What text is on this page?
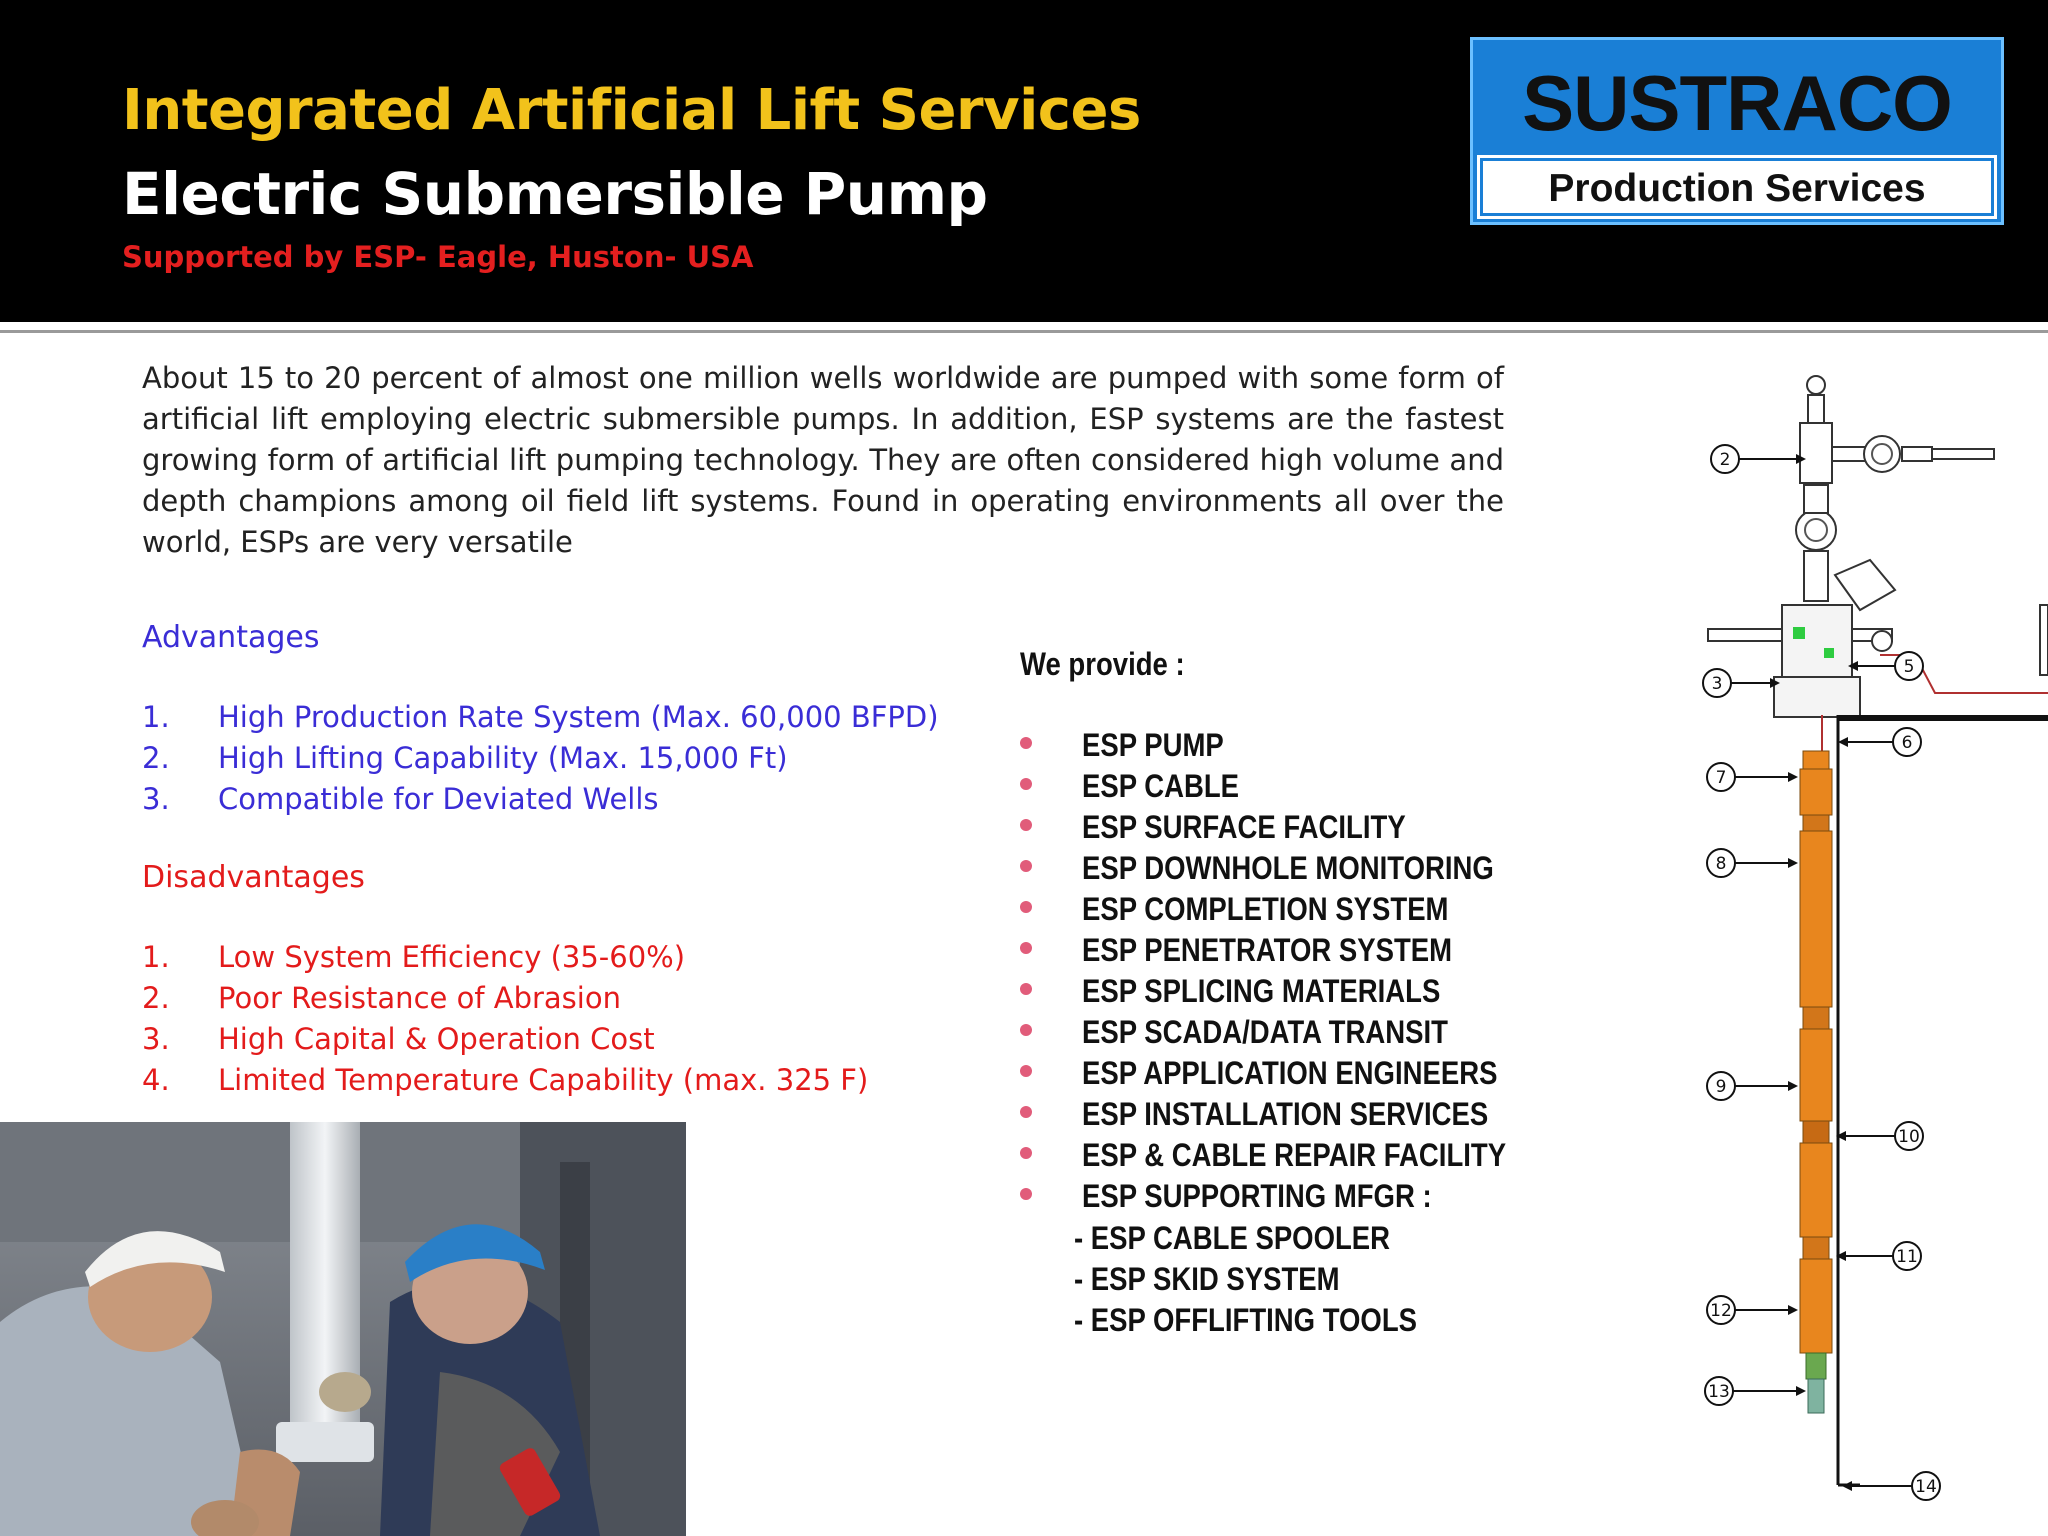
Integrated Artificial Lift Services
Electric Submersible Pump
Supported by ESP- Eagle, Huston- USA
SUSTRACO
Production Services
About 15 to 20 percent of almost one million wells worldwide are pumped with some form of artificial lift employing electric submersible pumps. In addition, ESP systems are the fastest growing form of artificial lift pumping technology. They are often considered high volume and depth champions among oil field lift systems. Found in operating environments all over the world, ESPs are very versatile
Advantages
1.	High Production Rate System (Max. 60,000 BFPD)
2.	High Lifting Capability (Max. 15,000 Ft)
3.	Compatible for Deviated Wells
Disadvantages
1.	Low System Efficiency (35-60%)
2.	Poor Resistance of Abrasion
3.	High Capital & Operation Cost
4.	Limited Temperature Capability (max. 325 F)
We provide :
ESP PUMP
ESP CABLE
ESP SURFACE FACILITY
ESP DOWNHOLE MONITORING
ESP COMPLETION SYSTEM
ESP PENETRATOR SYSTEM
ESP SPLICING MATERIALS
ESP SCADA/DATA TRANSIT
ESP APPLICATION ENGINEERS
ESP INSTALLATION SERVICES
ESP & CABLE REPAIR FACILITY
ESP SUPPORTING MFGR :
- ESP CABLE SPOOLER
- ESP SKID SYSTEM
- ESP OFFLIFTING TOOLS
2
3
5
6
7
8
9
10
11
12
13
14
